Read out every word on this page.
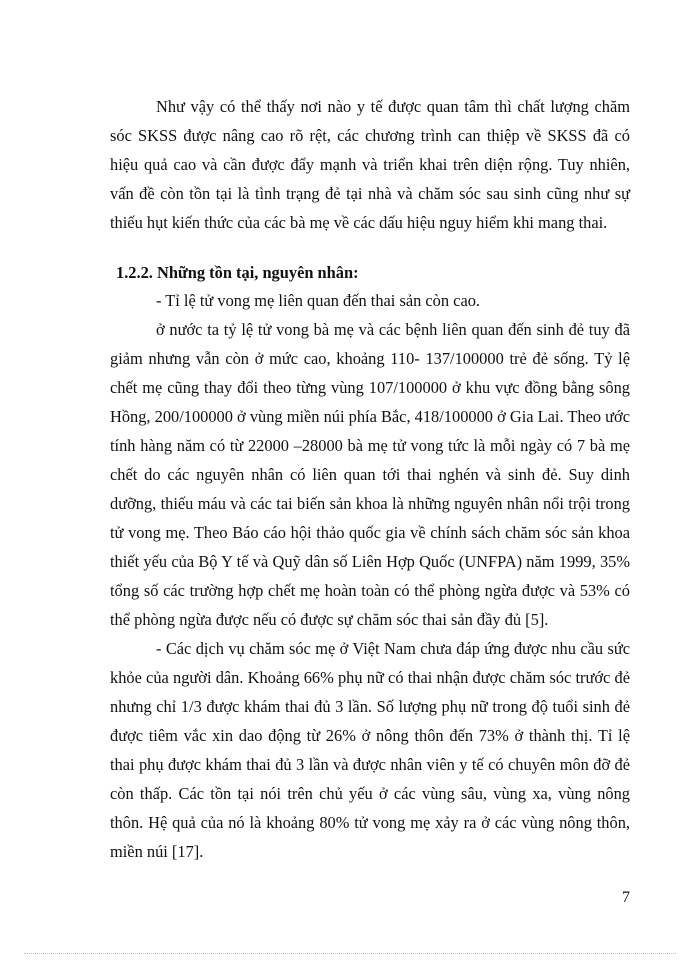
Như vậy có thể thấy nơi nào y tế được quan tâm thì chất lượng chăm sóc SKSS được nâng cao rõ rệt, các chương trình can thiệp về SKSS đã có hiệu quả cao và cần được đẩy mạnh và triển khai trên diện rộng. Tuy nhiên, vấn đề còn tồn tại là tình trạng đẻ tại nhà và chăm sóc sau sinh cũng như sự thiếu hụt kiến thức của các bà mẹ về các dấu hiệu nguy hiểm khi mang thai.

1.2.2. Những tồn tại, nguyên nhân:

- Tỉ lệ tử vong mẹ liên quan đến thai sản còn cao.

ở nước ta tỷ lệ tử vong bà mẹ và các bệnh liên quan đến sinh đẻ tuy đã giảm nhưng vẫn còn ở mức cao, khoảng 110- 137/100000 trẻ đẻ sống. Tỷ lệ chết mẹ cũng thay đổi theo từng vùng 107/100000 ở khu vực đồng bằng sông Hồng, 200/100000 ở vùng miền núi phía Bắc, 418/100000 ở Gia Lai. Theo ước tính hàng năm có từ 22000 –28000 bà mẹ tử vong tức là mỗi ngày có 7 bà mẹ chết do các nguyên nhân có liên quan tới thai nghén và sinh đẻ. Suy dinh dưỡng, thiếu máu và các tai biến sản khoa là những nguyên nhân nổi trội trong tử vong mẹ. Theo Báo cáo hội thảo quốc gia về chính sách chăm sóc sản khoa thiết yếu của Bộ Y tế và Quỹ dân số Liên Hợp Quốc (UNFPA) năm 1999, 35% tổng số các trường hợp chết mẹ hoàn toàn có thể phòng ngừa được và 53% có thể phòng ngừa được nếu có được sự chăm sóc thai sản đầy đủ [5].

- Các dịch vụ chăm sóc mẹ ở Việt Nam chưa đáp ứng được nhu cầu sức khỏe của người dân. Khoảng 66% phụ nữ có thai nhận được chăm sóc trước đẻ nhưng chỉ 1/3 được khám thai đủ 3 lần. Số lượng phụ nữ trong độ tuổi sinh đẻ được tiêm vắc xin dao động từ 26% ở nông thôn đến 73% ở thành thị. Tỉ lệ thai phụ được khám thai đủ 3 lần và được nhân viên y tế có chuyên môn đỡ đẻ còn thấp. Các tồn tại nói trên chủ yếu ở các vùng sâu, vùng xa, vùng nông thôn. Hệ quả của nó là khoảng 80% tử vong mẹ xảy ra ở các vùng nông thôn, miền núi [17].

7
